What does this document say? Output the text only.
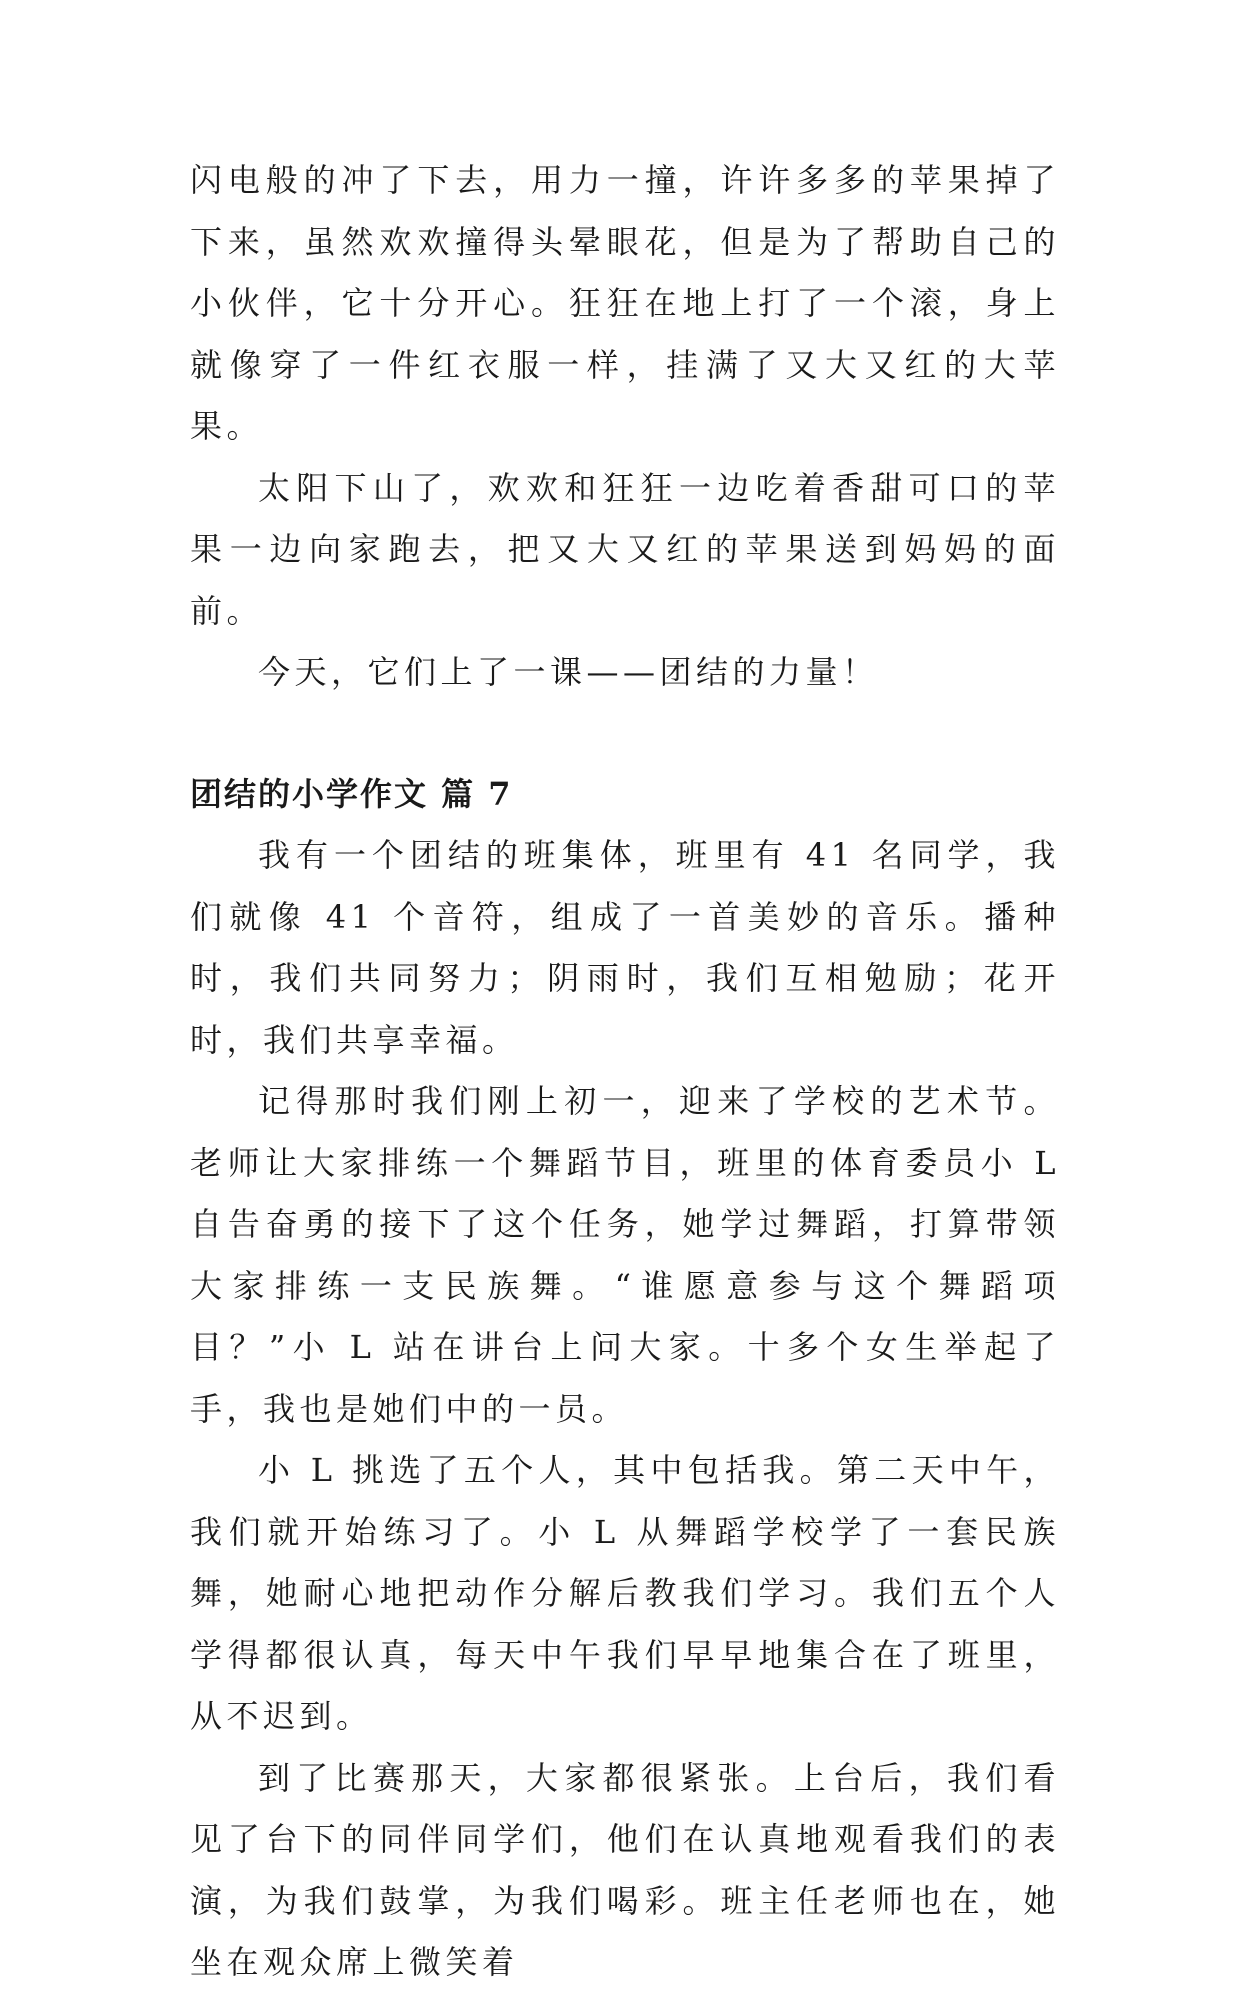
闪电般的冲了下去，用力一撞，许许多多的苹果掉了下来，虽然欢欢撞得头晕眼花，但是为了帮助自己的小伙伴，它十分开心。狂狂在地上打了一个滚，身上就像穿了一件红衣服一样，挂满了又大又红的大苹果。

太阳下山了，欢欢和狂狂一边吃着香甜可口的苹果一边向家跑去，把又大又红的苹果送到妈妈的面前。

今天，它们上了一课——团结的力量！

团结的小学作文 篇 7

我有一个团结的班集体，班里有 41 名同学，我们就像 41 个音符，组成了一首美妙的音乐。播种时，我们共同努力；阴雨时，我们互相勉励；花开时，我们共享幸福。

记得那时我们刚上初一，迎来了学校的艺术节。老师让大家排练一个舞蹈节目，班里的体育委员小 L 自告奋勇的接下了这个任务，她学过舞蹈，打算带领大家排练一支民族舞。“谁愿意参与这个舞蹈项目？”小 L 站在讲台上问大家。十多个女生举起了手，我也是她们中的一员。

小 L 挑选了五个人，其中包括我。第二天中午，我们就开始练习了。小 L 从舞蹈学校学了一套民族舞，她耐心地把动作分解后教我们学习。我们五个人学得都很认真，每天中午我们早早地集合在了班里，从不迟到。

到了比赛那天，大家都很紧张。上台后，我们看见了台下的同伴同学们，他们在认真地观看我们的表演，为我们鼓掌，为我们喝彩。班主任老师也在，她坐在观众席上微笑着
